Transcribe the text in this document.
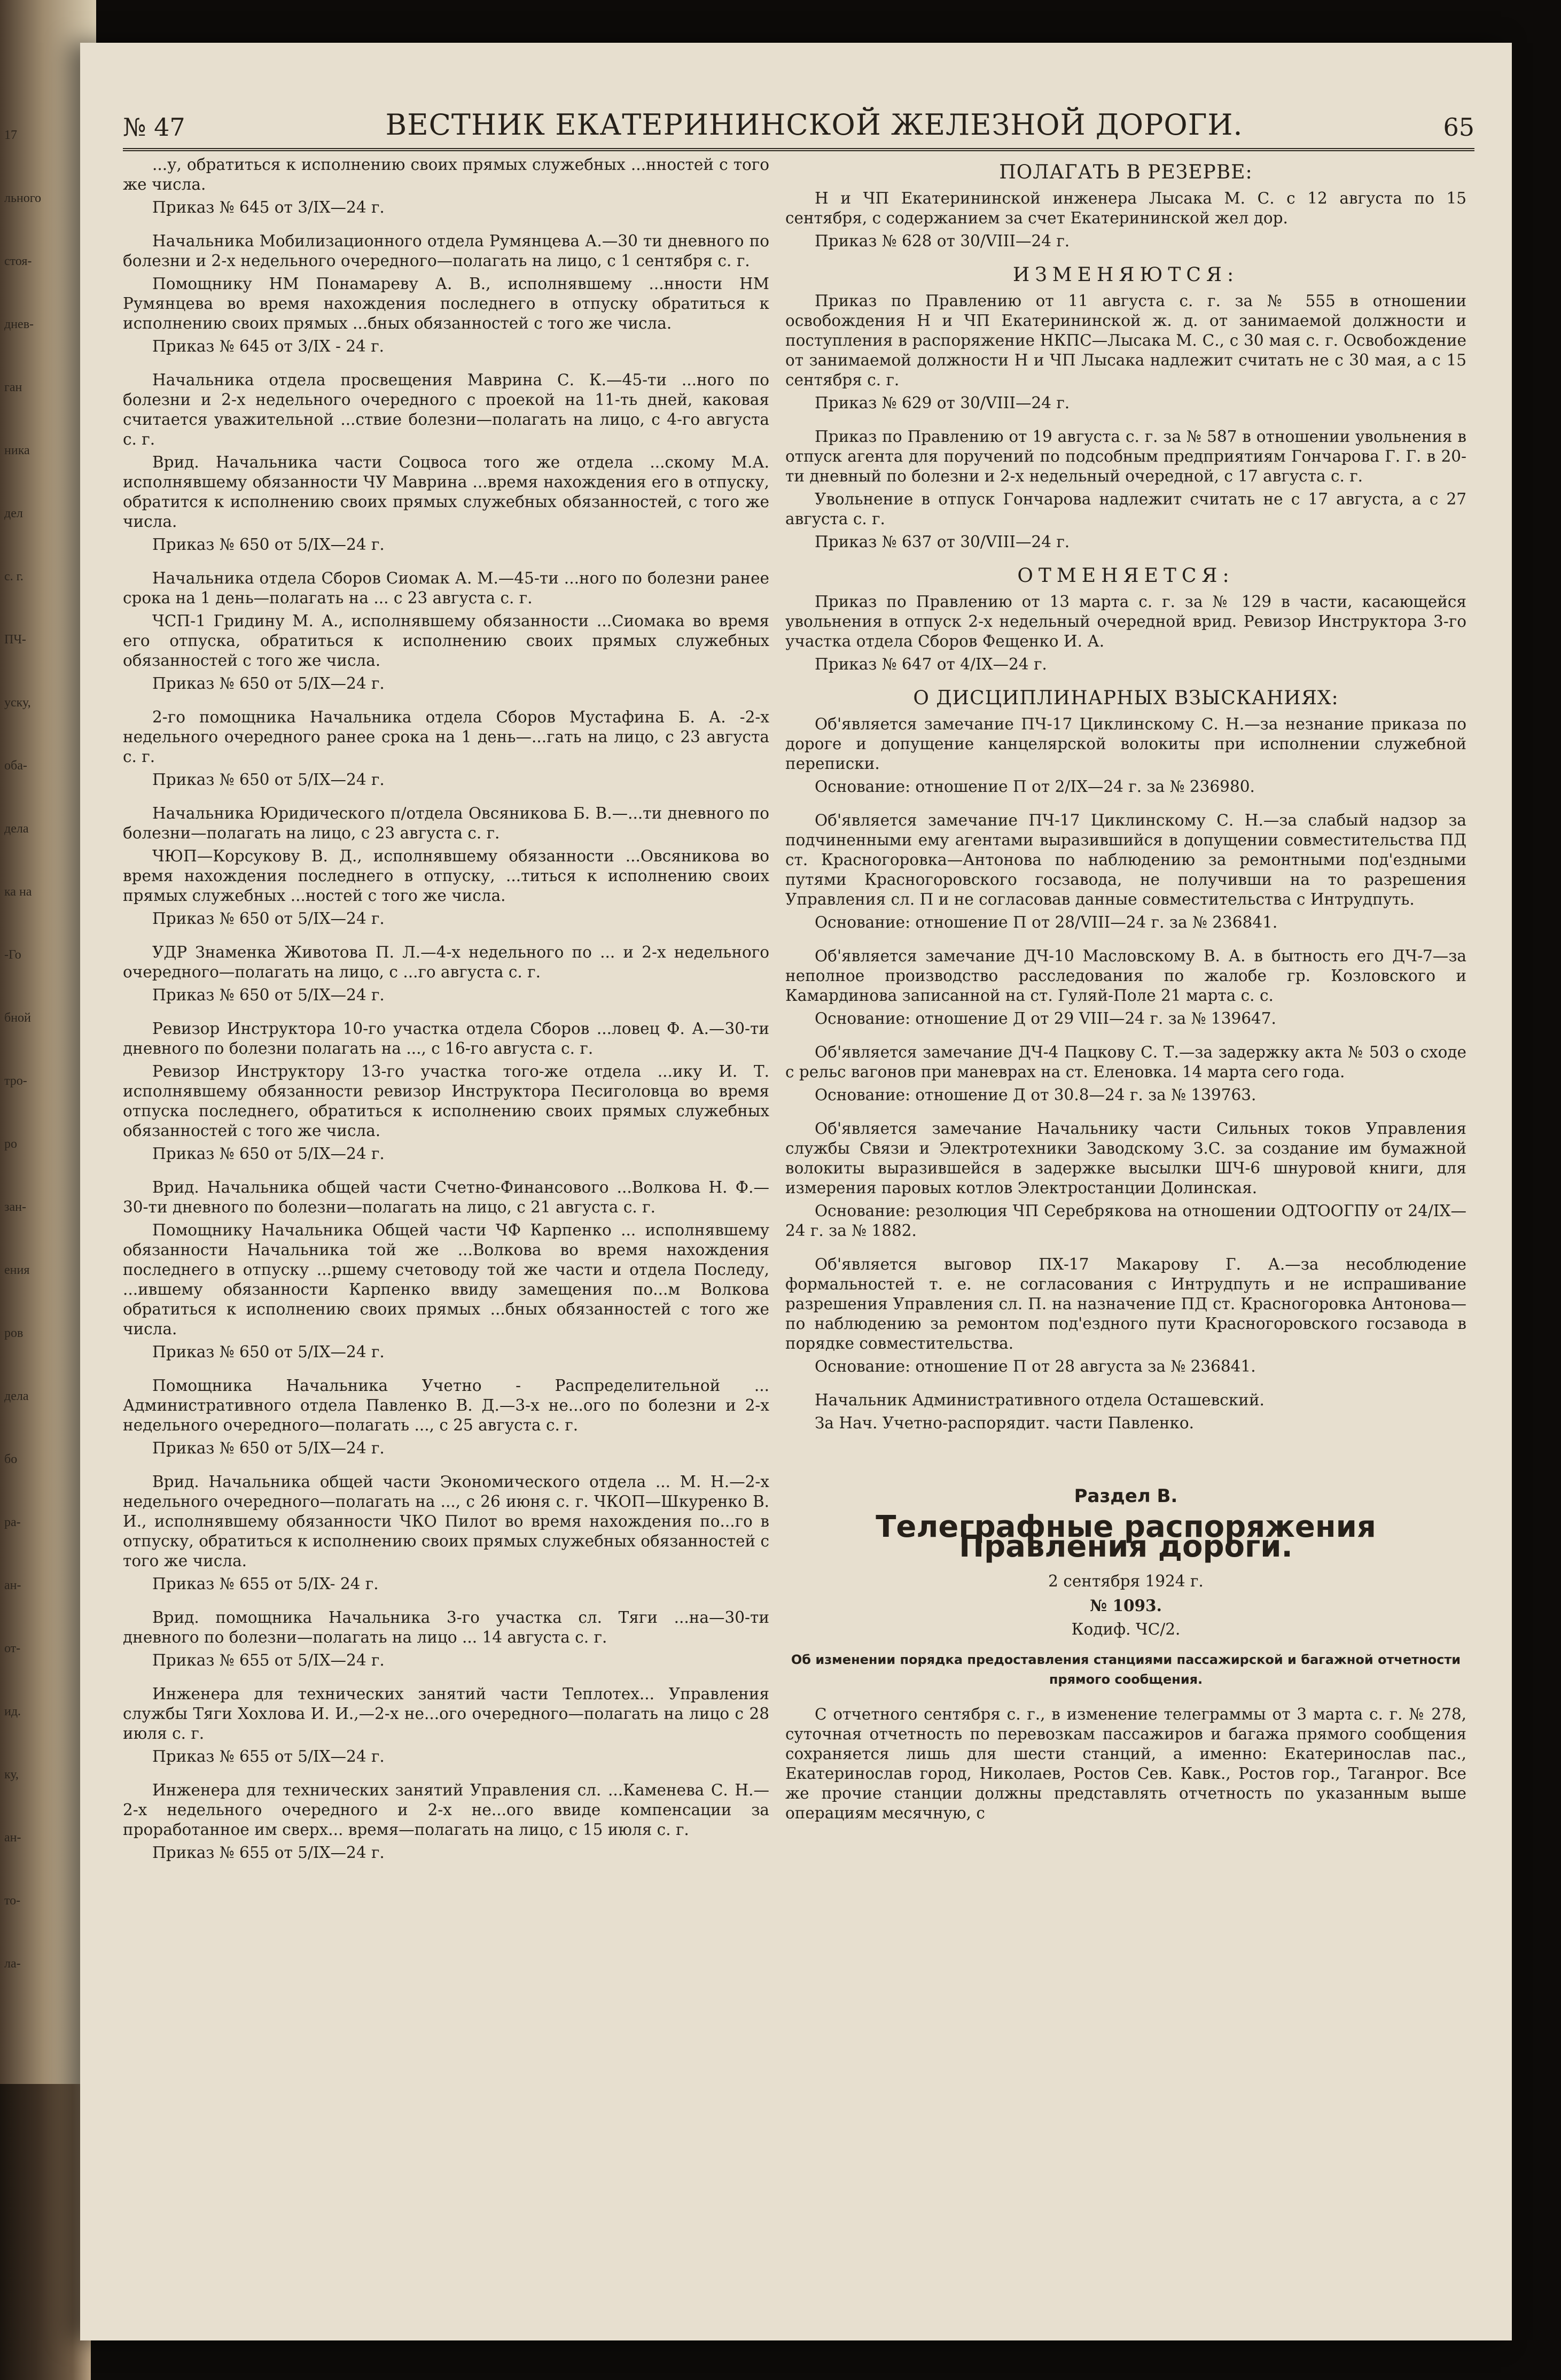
17
льного
стоя-
днев-
ган
ника
дел
с. г.
ПЧ-
уску,
оба-
дела
ка на
-Го
бной
тро-
ро
зан-
ения
ров
дела
бо
ра-
ан-
от-
ид.
ку,
ан-
то-
ла-
№ 47	ВЕСТНИК ЕКАТЕРИНИНСКОЙ ЖЕЛЕЗНОЙ ДОРОГИ.	65

...у, обратиться к исполнению своих прямых служебных ...нностей с того же числа.

Приказ № 645 от 3/IX—24 г.

Начальника Мобилизационного отдела Румянцева А.—30 ти дневного по болезни и 2-х недельного очередного—полагать на лицо, с 1 сентября с. г.

Помощнику НМ Понамареву А. В., исполнявшему ...нности НМ Румянцева во время нахождения последнего в отпуску обратиться к исполнению своих прямых ...бных обязанностей с того же числа.

Приказ № 645 от 3/IX - 24 г.

Начальника отдела просвещения Маврина С. К.—45-ти ...ного по болезни и 2-х недельного очередного с проекой на 11-ть дней, каковая считается уважительной ...ствие болезни—полагать на лицо, с 4-го августа с. г.

Врид. Начальника части Соцвоса того же отдела ...скому М.А. исполнявшему обязанности ЧУ Маврина ...время нахождения его в отпуску, обратится к исполнению своих прямых служебных обязанностей, с того же числа.

Приказ № 650 от 5/IX—24 г.

Начальника отдела Сборов Сиомак А. М.—45-ти ...ного по болезни ранее срока на 1 день—полагать на ... с 23 августа с. г.

ЧСП-1 Гридину М. А., исполнявшему обязанности ...Сиомака во время его отпуска, обратиться к исполнению своих прямых служебных обязанностей с того же числа.

Приказ № 650 от 5/IX—24 г.

2-го помощника Начальника отдела Сборов Мустафина Б. А. -2-х недельного очередного ранее срока на 1 день—...гать на лицо, с 23 августа с. г.

Приказ № 650 от 5/IX—24 г.

Начальника Юридического п/отдела Овсяникова Б. В.—...ти дневного по болезни—полагать на лицо, с 23 августа с. г.

ЧЮП—Корсукову В. Д., исполнявшему обязанности ...Овсяникова во время нахождения последнего в отпуску, ...титься к исполнению своих прямых служебных ...ностей с того же числа.

Приказ № 650 от 5/IX—24 г.

УДР Знаменка Животова П. Л.—4-х недельного по ... и 2-х недельного очередного—полагать на лицо, с ...го августа с. г.

Приказ № 650 от 5/IX—24 г.

Ревизор Инструктора 10-го участка отдела Сборов ...ловец Ф. А.—30-ти дневного по болезни полагать на ..., с 16-го августа с. г.

Ревизор Инструктору 13-го участка того-же отдела ...ику И. Т. исполнявшему обязанности ревизор Инструктора Песиголовца во время отпуска последнего, обратиться к исполнению своих прямых служебных обязанностей с того же числа.

Приказ № 650 от 5/IX—24 г.

Врид. Начальника общей части Счетно-Финансового ...Волкова Н. Ф.—30-ти дневного по болезни—полагать на лицо, с 21 августа с. г.

Помощнику Начальника Общей части ЧФ Карпенко ... исполнявшему обязанности Начальника той же ...Волкова во время нахождения последнего в отпуску ...ршему счетоводу той же части и отдела Последу, ...ившему обязанности Карпенко ввиду замещения по...м Волкова обратиться к исполнению своих прямых ...бных обязанностей с того же числа.

Приказ № 650 от 5/IX—24 г.

Помощника Начальника Учетно - Распределительной ... Административного отдела Павленко В. Д.—3-х не...ого по болезни и 2-х недельного очередного—полагать ..., с 25 августа с. г.

Приказ № 650 от 5/IX—24 г.

Врид. Начальника общей части Экономического отдела ... М. Н.—2-х недельного очередного—полагать на ..., с 26 июня с. г. ЧКОП—Шкуренко В. И., исполнявшему обязанности ЧКО Пилот во время нахождения по...го в отпуску, обратиться к исполнению своих прямых служебных обязанностей с того же числа.

Приказ № 655 от 5/IX- 24 г.

Врид. помощника Начальника 3-го участка сл. Тяги ...на—30-ти дневного по болезни—полагать на лицо ... 14 августа с. г.

Приказ № 655 от 5/IX—24 г.

Инженера для технических занятий части Теплотех... Управления службы Тяги Хохлова И. И.,—2-х не...ого очередного—полагать на лицо с 28 июля с. г.

Приказ № 655 от 5/IX—24 г.

Инженера для технических занятий Управления сл. ...Каменева С. Н.—2-х недельного очередного и 2-х не...ого ввиде компенсации за проработанное им сверх... время—полагать на лицо, с 15 июля с. г.

Приказ № 655 от 5/IX—24 г.

ПОЛАГАТЬ В РЕЗЕРВЕ:

Н и ЧП Екатерининской инженера Лысака М. С. с 12 августа по 15 сентября, с содержанием за счет Екатерининской жел дор.

Приказ № 628 от 30/VIII—24 г.

ИЗМЕНЯЮТСЯ:

Приказ по Правлению от 11 августа с. г. за № 555 в отношении освобождения Н и ЧП Екатерининской ж. д. от занимаемой должности и поступления в распоряжение НКПС—Лысака М. С., с 30 мая с. г. Освобождение от занимаемой должности Н и ЧП Лысака надлежит считать не с 30 мая, а с 15 сентября с. г.

Приказ № 629 от 30/VIII—24 г.

Приказ по Правлению от 19 августа с. г. за № 587 в отношении увольнения в отпуск агента для поручений по подсобным предприятиям Гончарова Г. Г. в 20-ти дневный по болезни и 2-х недельный очередной, с 17 августа с. г.

Увольнение в отпуск Гончарова надлежит считать не с 17 августа, а с 27 августа с. г.

Приказ № 637 от 30/VIII—24 г.

ОТМЕНЯЕТСЯ:

Приказ по Правлению от 13 марта с. г. за № 129 в части, касающейся увольнения в отпуск 2-х недельный очередной врид. Ревизор Инструктора 3-го участка отдела Сборов Фещенко И. А.

Приказ № 647 от 4/IX—24 г.

О ДИСЦИПЛИНАРНЫХ ВЗЫСКАНИЯХ:

Об'является замечание ПЧ-17 Циклинскому С. Н.—за незнание приказа по дороге и допущение канцелярской волокиты при исполнении служебной переписки.

Основание: отношение П от 2/IX—24 г. за № 236980.

Об'является замечание ПЧ-17 Циклинскому С. Н.—за слабый надзор за подчиненными ему агентами выразившийся в допущении совместительства ПД ст. Красногоровка—Антонова по наблюдению за ремонтными под'ездными путями Красногоровского госзавода, не получивши на то разрешения Управления сл. П и не согласовав данные совместительства с Интрудпуть.

Основание: отношение П от 28/VIII—24 г. за № 236841.

Об'является замечание ДЧ-10 Масловскому В. А. в бытность его ДЧ-7—за неполное производство расследования по жалобе гр. Козловского и Камардинова записанной на ст. Гуляй-Поле 21 марта с. с.

Основание: отношение Д от 29 VIII—24 г. за № 139647.

Об'является замечание ДЧ-4 Пацкову С. Т.—за задержку акта № 503 о сходе с рельс вагонов при маневрах на ст. Еленовка. 14 марта сего года.

Основание: отношение Д от 30.8—24 г. за № 139763.

Об'является замечание Начальнику части Сильных токов Управления службы Связи и Электротехники Заводскому З.С. за создание им бумажной волокиты выразившейся в задержке высылки ШЧ-6 шнуровой книги, для измерения паровых котлов Электростанции Долинская.

Основание: резолюция ЧП Серебрякова на отношении ОДТООГПУ от 24/IX—24 г. за № 1882.

Об'является выговор ПХ-17 Макарову Г. А.—за несоблюдение формальностей т. е. не согласования с Интрудпуть и не испрашивание разрешения Управления сл. П. на назначение ПД ст. Красногоровка Антонова—по наблюдению за ремонтом под'ездного пути Красногоровского госзавода в порядке совместительства.

Основание: отношение П от 28 августа за № 236841.

Начальник Административного отдела Осташевский.

За Нач. Учетно-распорядит. части Павленко.

Раздел В.
Телеграфные распоряжения Правления дороги.
2 сентября 1924 г.
№ 1093.
Кодиф. ЧС/2.
Об изменении порядка предоставления станциями пассажирской и багажной отчетности прямого сообщения.

С отчетного сентября с. г., в изменение телеграммы от 3 марта с. г. № 278, суточная отчетность по перевозкам пассажиров и багажа прямого сообщения сохраняется лишь для шести станций, а именно: Екатеринослав пас., Екатеринослав город, Николаев, Ростов Сев. Кавк., Ростов гор., Таганрог. Все же прочие станции должны представлять отчетность по указанным выше операциям месячную, с
